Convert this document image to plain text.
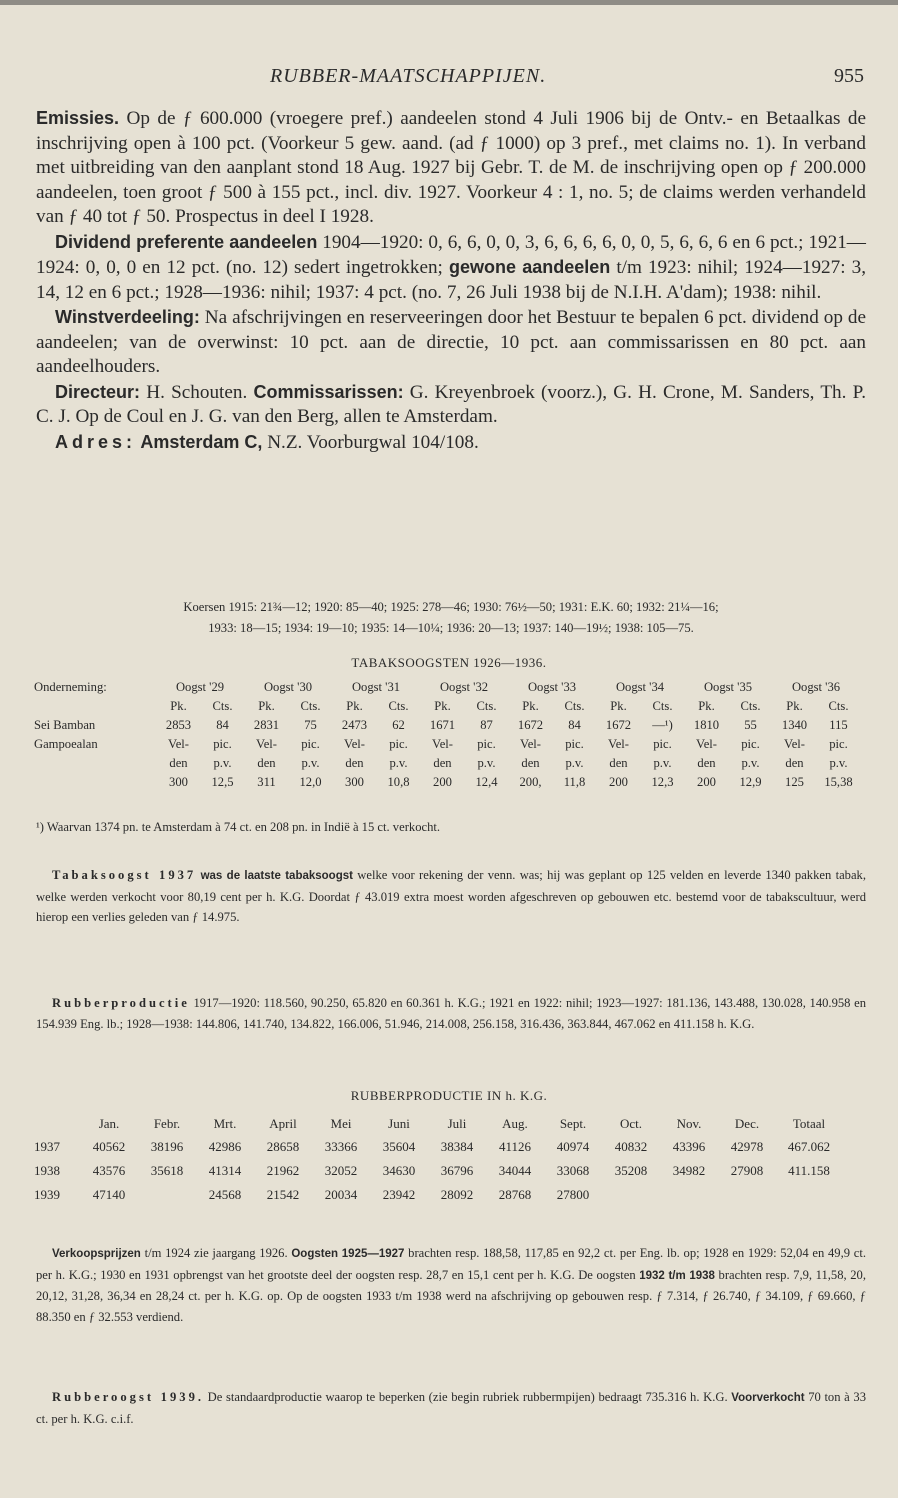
RUBBER-MAATSCHAPPIJEN.	955

Emissies. Op de ƒ 600.000 (vroegere pref.) aandeelen stond 4 Juli 1906 bij de Ontv.- en Betaalkas de inschrijving open à 100 pct. (Voorkeur 5 gew. aand. (ad ƒ 1000) op 3 pref., met claims no. 1). In verband met uitbreiding van den aanplant stond 18 Aug. 1927 bij Gebr. T. de M. de inschrijving open op ƒ 200.000 aandeelen, toen groot ƒ 500 à 155 pct., incl. div. 1927. Voorkeur 4 : 1, no. 5; de claims werden verhandeld van ƒ 40 tot ƒ 50. Prospectus in deel I 1928.

Dividend preferente aandeelen 1904—1920: 0, 6, 6, 0, 0, 3, 6, 6, 6, 6, 0, 0, 5, 6, 6, 6 en 6 pct.; 1921—1924: 0, 0, 0 en 12 pct. (no. 12) sedert ingetrokken; gewone aandeelen t/m 1923: nihil; 1924—1927: 3, 14, 12 en 6 pct.; 1928—1936: nihil; 1937: 4 pct. (no. 7, 26 Juli 1938 bij de N.I.H. A'dam); 1938: nihil.

Winstverdeeling: Na afschrijvingen en reserveeringen door het Bestuur te bepalen 6 pct. dividend op de aandeelen; van de overwinst: 10 pct. aan de directie, 10 pct. aan commissarissen en 80 pct. aan aandeelhouders.

Directeur: H. Schouten. Commissarissen: G. Kreyenbroek (voorz.), G. H. Crone, M. Sanders, Th. P. C. J. Op de Coul en J. G. van den Berg, allen te Amsterdam.

Adres: Amsterdam C, N.Z. Voorburgwal 104/108.

Koersen 1915: 21¾—12; 1920: 85—40; 1925: 278—46; 1930: 76½—50; 1931: E.K. 60; 1932: 21¼—16;
1933: 18—15; 1934: 19—10; 1935: 14—10¼; 1936: 20—13; 1937: 140—19½; 1938: 105—75.
TABAKSOOGSTEN 1926—1936.
Onderneming:	Oogst '29		Oogst '30		Oogst '31		Oogst '32		Oogst '33		Oogst '34		Oogst '35		Oogst '36	
	Pk.	Cts.	Pk.	Cts.	Pk.	Cts.	Pk.	Cts.	Pk.	Cts.	Pk.	Cts.	Pk.	Cts.	Pk.	Cts.
Sei Bamban	2853	84	2831	75	2473	62	1671	87	1672	84	1672	—¹)	1810	55	1340	115
Gampoealan	Vel-	pic.	Vel-	pic.	Vel-	pic.	Vel-	pic.	Vel-	pic.	Vel-	pic.	Vel-	pic.	Vel-	pic.
	den	p.v.	den	p.v.	den	p.v.	den	p.v.	den	p.v.	den	p.v.	den	p.v.	den	p.v.
	300	12,5	311	12,0	300	10,8	200	12,4	200,	11,8	200	12,3	200	12,9	125	15,38
¹) Waarvan 1374 pn. te Amsterdam à 74 ct. en 208 pn. in Indië à 15 ct. verkocht.

Tabaksoogst 1937 was de laatste tabaksoogst welke voor rekening der venn. was; hij was geplant op 125 velden en leverde 1340 pakken tabak, welke werden verkocht voor 80,19 cent per h. K.G. Doordat ƒ 43.019 extra moest worden afgeschreven op gebouwen etc. bestemd voor de tabakscultuur, werd hierop een verlies geleden van ƒ 14.975.

Rubberproductie 1917—1920: 118.560, 90.250, 65.820 en 60.361 h. K.G.; 1921 en 1922: nihil; 1923—1927: 181.136, 143.488, 130.028, 140.958 en 154.939 Eng. lb.; 1928—1938: 144.806, 141.740, 134.822, 166.006, 51.946, 214.008, 256.158, 316.436, 363.844, 467.062 en 411.158 h. K.G.

RUBBERPRODUCTIE IN h. K.G.
	Jan.	Febr.	Mrt.	April	Mei	Juni	Juli	Aug.	Sept.	Oct.	Nov.	Dec.	Totaal
1937	40562	38196	42986	28658	33366	35604	38384	41126	40974	40832	43396	42978	467.062
1938	43576	35618	41314	21962	32052	34630	36796	34044	33068	35208	34982	27908	411.158
1939	47140		24568	21542	20034	23942	28092	28768	27800				

Verkoopsprijzen t/m 1924 zie jaargang 1926. Oogsten 1925—1927 brachten resp. 188,58, 117,85 en 92,2 ct. per Eng. lb. op; 1928 en 1929: 52,04 en 49,9 ct. per h. K.G.; 1930 en 1931 opbrengst van het grootste deel der oogsten resp. 28,7 en 15,1 cent per h. K.G. De oogsten 1932 t/m 1938 brachten resp. 7,9, 11,58, 20, 20,12, 31,28, 36,34 en 28,24 ct. per h. K.G. op. Op de oogsten 1933 t/m 1938 werd na afschrijving op gebouwen resp. ƒ 7.314, ƒ 26.740, ƒ 34.109, ƒ 69.660, ƒ 88.350 en ƒ 32.553 verdiend.

Rubberoogst 1939. De standaardproductie waarop te beperken (zie begin rubriek rubbermpijen) bedraagt 735.316 h. K.G. Voorverkocht 70 ton à 33 ct. per h. K.G. c.i.f.
